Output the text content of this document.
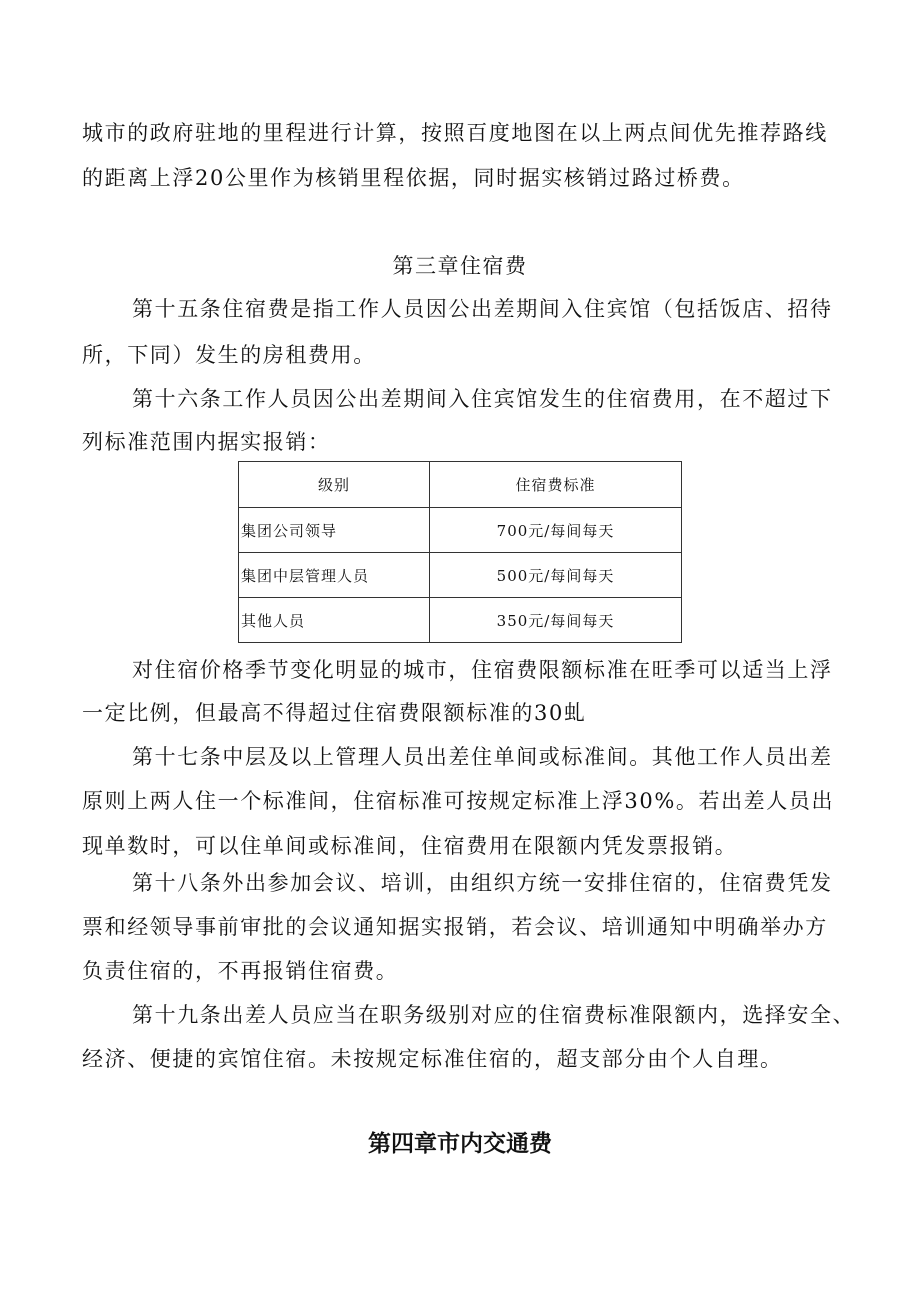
城市的政府驻地的里程进行计算，按照百度地图在以上两点间优先推荐路线
的距离上浮20公里作为核销里程依据，同时据实核销过路过桥费。
第三章住宿费
第十五条住宿费是指工作人员因公出差期间入住宾馆（包括饭店、招待
所，下同）发生的房租费用。
第十六条工作人员因公出差期间入住宾馆发生的住宿费用，在不超过下
列标准范围内据实报销：
级别	住宿费标准
集团公司领导	700元/每间每天
集团中层管理人员	500元/每间每天
其他人员	350元/每间每天
对住宿价格季节变化明显的城市，住宿费限额标准在旺季可以适当上浮
一定比例，但最高不得超过住宿费限额标准的30虬
第十七条中层及以上管理人员出差住单间或标准间。其他工作人员出差
原则上两人住一个标准间，住宿标准可按规定标准上浮30%。若出差人员出
现单数时，可以住单间或标准间，住宿费用在限额内凭发票报销。
第十八条外出参加会议、培训，由组织方统一安排住宿的，住宿费凭发
票和经领导事前审批的会议通知据实报销，若会议、培训通知中明确举办方
负责住宿的，不再报销住宿费。
第十九条出差人员应当在职务级别对应的住宿费标准限额内，选择安全、
经济、便捷的宾馆住宿。未按规定标准住宿的，超支部分由个人自理。
第四章市内交通费
